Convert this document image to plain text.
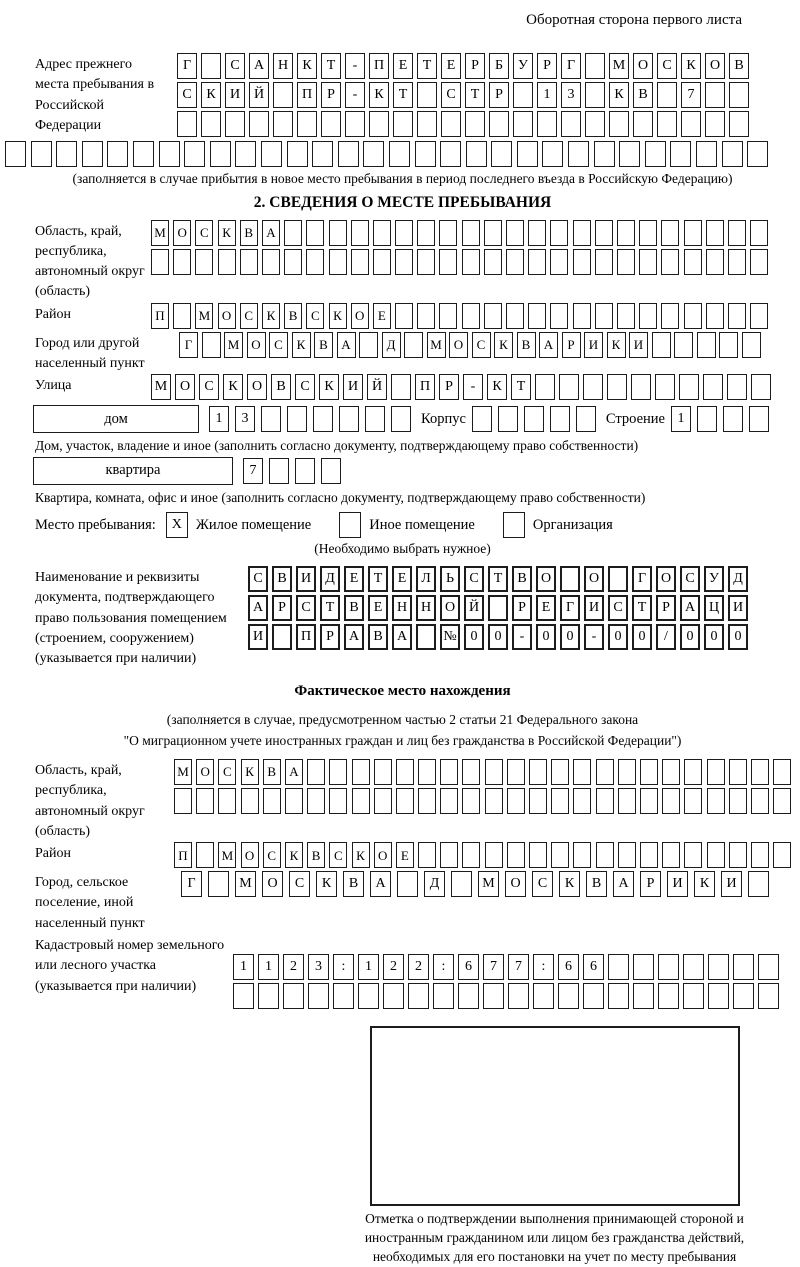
Оборотная сторона первого листа
Адрес прежнего места пребывания в Российской Федерации
Г	С	А Н	К	Т	-	П	Е	Т	Е	Р	Б	У	Р	Г	М О	С	К	О	В
С	К	И Й	П	Р	-	К	Т	С	Т	Р	1	3	К	В	7
(заполняется в случае прибытия в новое место пребывания в период последнего въезда в Российскую Федерацию)
2. СВЕДЕНИЯ О МЕСТЕ ПРЕБЫВАНИЯ
Область, край, республика, автономный округ (область)
М О	С	К	В	А
Район	П	М О	С	К	В	С	К	О	Е
Город или другой населенный пункт
Г	М О	С	К	В	А	Д	М О	С	К	В	А	Р	И	К	И
Улица	М О	С	К	О	В	С	К	И Й	П	Р	-	К	Т
дом	1	3	Корпус	Строение 1
Дом, участок, владение и иное (заполнить согласно документу, подтверждающему право собственности)
квартира	7
Квартира, комната, офис и иное (заполнить согласно документу, подтверждающему право собственности)
Место пребывания:	X Жилое помещение	Иное помещение	Организация
(Необходимо выбрать нужное)
Наименование и реквизиты документа, подтверждающего право пользования помещением (строением, сооружением) (указывается при наличии)
С	В	И	Д	Е	Т	Е	Л	Ь	С	Т	В	О	О	Г	О	С	У	Д
А	Р	С	Т	В	Е	Н Н О Й	Р	Е	Г	И	С	Т	Р	А Ц И
И	П	Р	А	В	А	№ 0	0	-	0	0	-	0	0	/	0	0	0
Фактическое место нахождения
(заполняется в случае, предусмотренном частью 2 статьи 21 Федерального закона
"О миграционном учете иностранных граждан и лиц без гражданства в Российской Федерации")
Область, край, республика, автономный округ (область)
М О	С	К	В	А
Район	П	М О	С	К	В	С	К	О	Е
Город, сельское поселение, иной населенный пункт
Г	М	О	С	К	В	А	Д	М	О	С	К	В	А	Р	И	К	И
Кадастровый номер земельного или лесного участка (указывается при наличии)
1	1	2	3	:	1	2	2	:	6	7	7	:	6	6
Отметка о подтверждении выполнения принимающей стороной и иностранным гражданином или лицом без гражданства действий, необходимых для его постановки на учет по месту пребывания
